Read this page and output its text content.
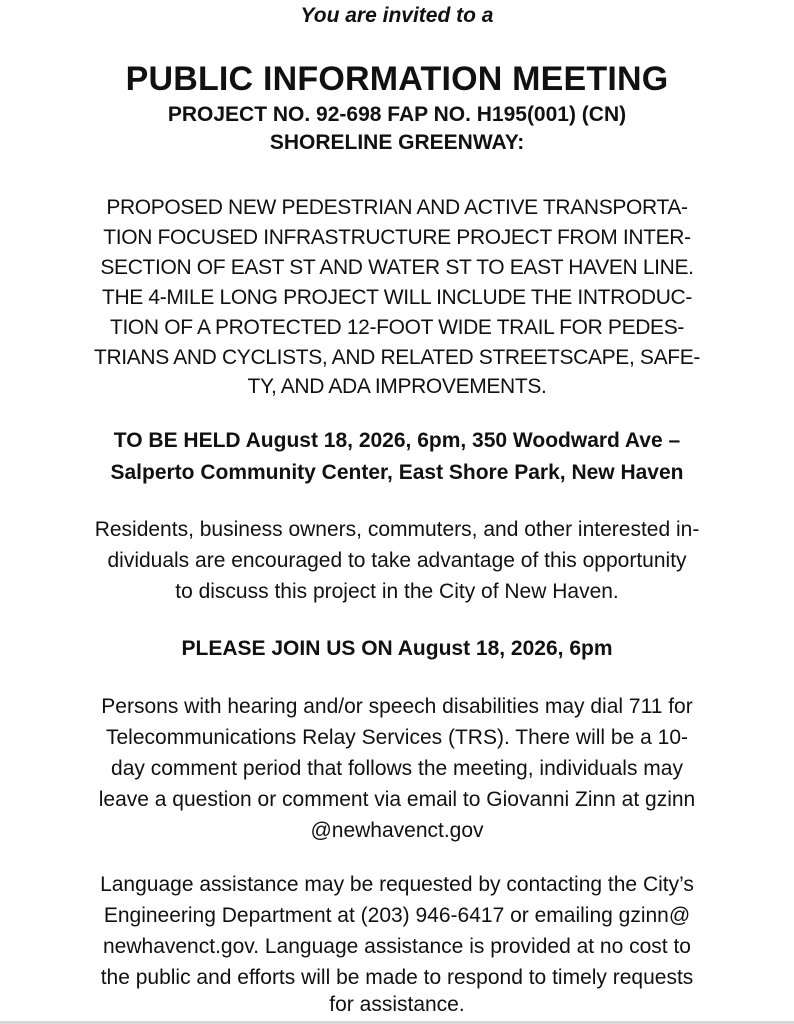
You are invited to a

PUBLIC INFORMATION MEETING

PROJECT NO. 92-698 FAP NO. H195(001) (CN)

SHORELINE GREENWAY:

PROPOSED NEW PEDESTRIAN AND ACTIVE TRANSPORTA-

TION FOCUSED INFRASTRUCTURE PROJECT FROM INTER-

SECTION OF EAST ST AND WATER ST TO EAST HAVEN LINE.

THE 4-MILE LONG PROJECT WILL INCLUDE THE INTRODUC-

TION OF A PROTECTED 12-FOOT WIDE TRAIL FOR PEDES-

TRIANS AND CYCLISTS, AND RELATED STREETSCAPE, SAFE-

TY, AND ADA IMPROVEMENTS.

TO BE HELD August 18, 2026, 6pm, 350 Woodward Ave –

Salperto Community Center, East Shore Park, New Haven

Residents, business owners, commuters, and other interested in-

dividuals are encouraged to take advantage of this opportunity

to discuss this project in the City of New Haven.

PLEASE JOIN US ON August 18, 2026, 6pm

Persons with hearing and/or speech disabilities may dial 711 for

Telecommunications Relay Services (TRS). There will be a 10-

day comment period that follows the meeting, individuals may

leave a question or comment via email to Giovanni Zinn at gzinn

@newhavenct.gov

Language assistance may be requested by contacting the City’s

Engineering Department at (203) 946-6417 or emailing gzinn@

newhavenct.gov. Language assistance is provided at no cost to

the public and efforts will be made to respond to timely requests

for assistance.
